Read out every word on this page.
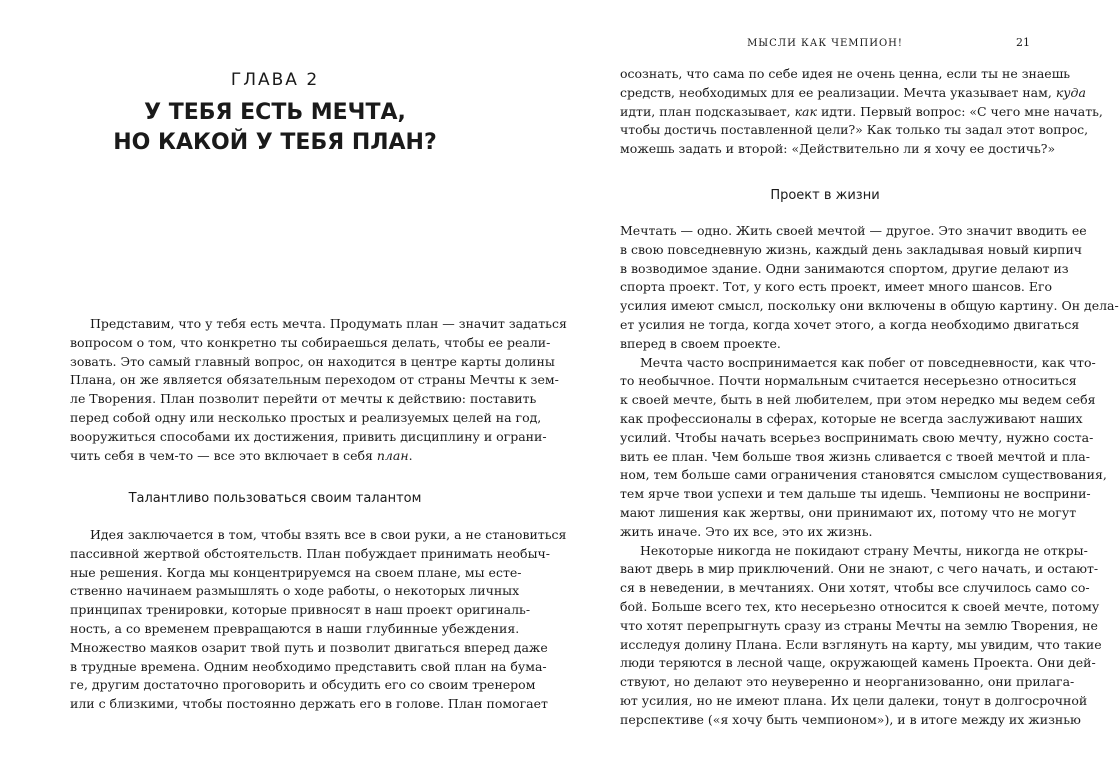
ГЛАВА 2
У ТЕБЯ ЕСТЬ МЕЧТА,
НО КАКОЙ У ТЕБЯ ПЛАН?
Представим, что у тебя есть мечта. Продумать план — значит задаться
вопросом о том, что конкретно ты собираешься делать, чтобы ее реали-
зовать. Это самый главный вопрос, он находится в центре карты долины
Плана, он же является обязательным переходом от страны Мечты к зем-
ле Творения. План позволит перейти от мечты к действию: поставить
перед собой одну или несколько простых и реализуемых целей на год,
вооружиться способами их достижения, привить дисциплину и ограни-
чить себя в чем-то — все это включает в себя план.
Талантливо пользоваться своим талантом
Идея заключается в том, чтобы взять все в свои руки, а не становиться
пассивной жертвой обстоятельств. План побуждает принимать необыч-
ные решения. Когда мы концентрируемся на своем плане, мы есте-
ственно начинаем размышлять о ходе работы, о некоторых личных
принципах тренировки, которые привносят в наш проект оригиналь-
ность, а со временем превращаются в наши глубинные убеждения.
Множество маяков озарит твой путь и позволит двигаться вперед даже
в трудные времена. Одним необходимо представить свой план на бума-
ге, другим достаточно проговорить и обсудить его со своим тренером
или с близкими, чтобы постоянно держать его в голове. План помогает
МЫСЛИ КАК ЧЕМПИОН!	21
осознать, что сама по себе идея не очень ценна, если ты не знаешь
средств, необходимых для ее реализации. Мечта указывает нам, куда
идти, план подсказывает, как идти. Первый вопрос: «С чего мне начать,
чтобы достичь поставленной цели?» Как только ты задал этот вопрос,
можешь задать и второй: «Действительно ли я хочу ее достичь?»
Проект в жизни
Мечтать — одно. Жить своей мечтой — другое. Это значит вводить ее
в свою повседневную жизнь, каждый день закладывая новый кирпич
в возводимое здание. Одни занимаются спортом, другие делают из
спорта проект. Тот, у кого есть проект, имеет много шансов. Его
усилия имеют смысл, поскольку они включены в общую картину. Он дела-
ет усилия не тогда, когда хочет этого, а когда необходимо двигаться
вперед в своем проекте.
Мечта часто воспринимается как побег от повседневности, как что-
то необычное. Почти нормальным считается несерьезно относиться
к своей мечте, быть в ней любителем, при этом нередко мы ведем себя
как профессионалы в сферах, которые не всегда заслуживают наших
усилий. Чтобы начать всерьез воспринимать свою мечту, нужно соста-
вить ее план. Чем больше твоя жизнь сливается с твоей мечтой и пла-
ном, тем больше сами ограничения становятся смыслом существования,
тем ярче твои успехи и тем дальше ты идешь. Чемпионы не восприни-
мают лишения как жертвы, они принимают их, потому что не могут
жить иначе. Это их все, это их жизнь.
Некоторые никогда не покидают страну Мечты, никогда не откры-
вают дверь в мир приключений. Они не знают, с чего начать, и остают-
ся в неведении, в мечтаниях. Они хотят, чтобы все случилось само со-
бой. Больше всего тех, кто несерьезно относится к своей мечте, потому
что хотят перепрыгнуть сразу из страны Мечты на землю Творения, не
исследуя долину Плана. Если взглянуть на карту, мы увидим, что такие
люди теряются в лесной чаще, окружающей камень Проекта. Они дей-
ствуют, но делают это неуверенно и неорганизованно, они прилага-
ют усилия, но не имеют плана. Их цели далеки, тонут в долгосрочной
перспективе («я хочу быть чемпионом»), и в итоге между их жизнью
